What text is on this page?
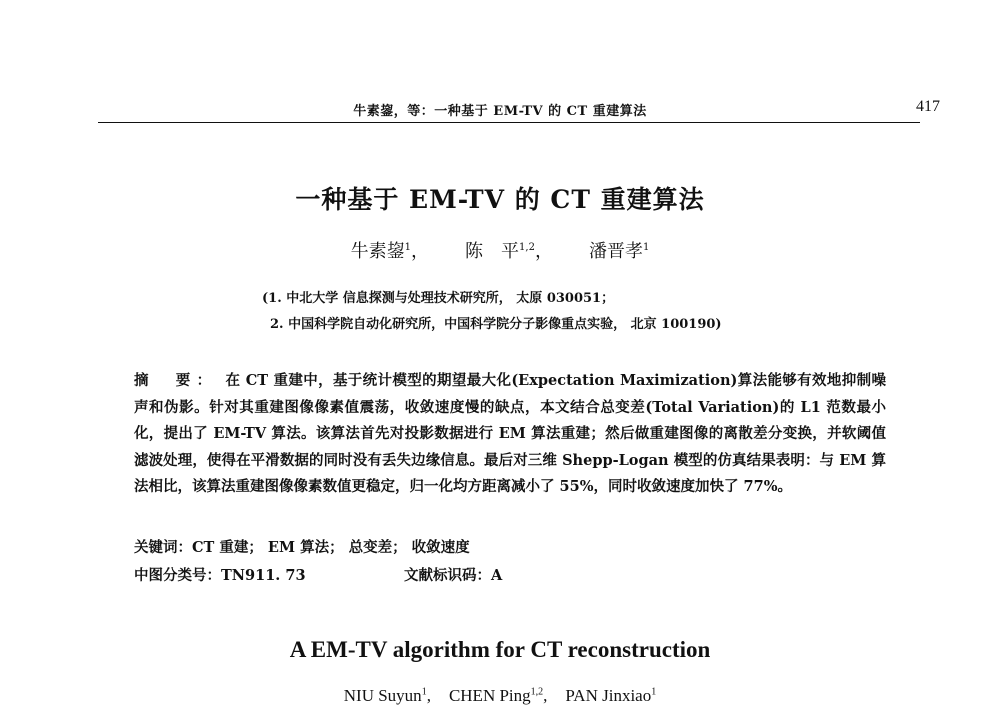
牛素鋆，等：一种基于 EM-TV 的 CT 重建算法	417
一种基于 EM-TV 的 CT 重建算法
牛素鋆$^1$， 陈　平$^{1,2}$， 潘晋孝$^1$
(1. 中北大学 信息探测与处理技术研究所， 太原 030051；
2. 中国科学院自动化研究所，中国科学院分子影像重点实验， 北京 100190)
摘　要： 在 CT 重建中，基于统计模型的期望最大化(Expectation Maximization)算法能够有效地抑制噪声和伪影。针对其重建图像像素值震荡，收敛速度慢的缺点，本文结合总变差(Total Variation)的 L1 范数最小化，提出了 EM-TV 算法。该算法首先对投影数据进行 EM 算法重建；然后做重建图像的离散差分变换，并软阈值滤波处理，使得在平滑数据的同时没有丢失边缘信息。最后对三维 Shepp-Logan 模型的仿真结果表明：与 EM 算法相比，该算法重建图像像素数值更稳定，归一化均方距离减小了 55%，同时收敛速度加快了 77%。
关键词：CT 重建； EM 算法； 总变差； 收敛速度
中图分类号：TN911. 73	文献标识码：A
A EM-TV algorithm for CT reconstruction
NIU Suyun$^1$, CHEN Ping$^{1,2}$, PAN Jinxiao$^1$
